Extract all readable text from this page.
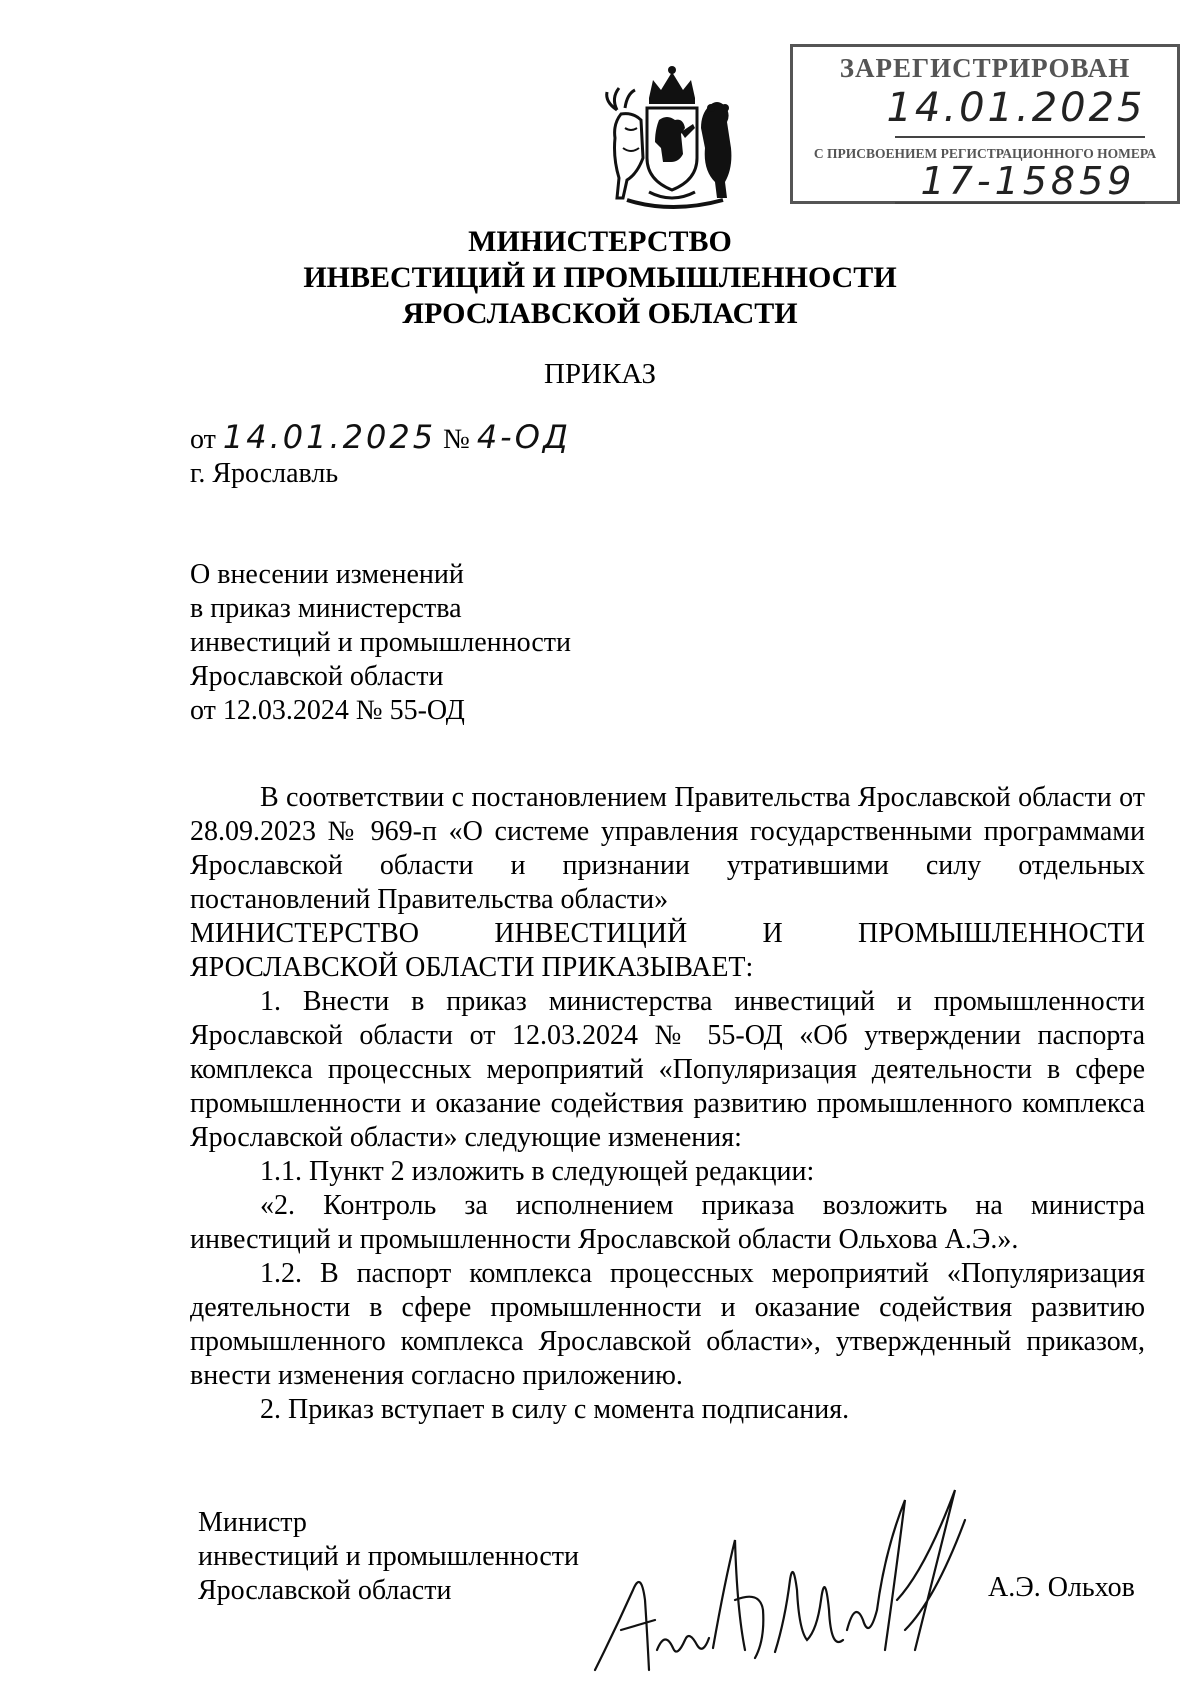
ЗАРЕГИСТРИРОВАН
14.01.2025
С ПРИСВОЕНИЕМ РЕГИСТРАЦИОННОГО НОМЕРА
17-15859
МИНИСТЕРСТВО
ИНВЕСТИЦИЙ И ПРОМЫШЛЕННОСТИ
ЯРОСЛАВСКОЙ ОБЛАСТИ
ПРИКАЗ
от 14.01.2025 № 4-ОД
г. Ярославль
О внесении изменений
в приказ министерства
инвестиций и промышленности
Ярославской области
от 12.03.2024 № 55-ОД

В соответствии с постановлением Правительства Ярославской области от 28.09.2023 № 969-п «О системе управления государственными программами Ярославской области и признании утратившими силу отдельных постановлений Правительства области»

МИНИСТЕРСТВО ИНВЕСТИЦИЙ И ПРОМЫШЛЕННОСТИ

ЯРОСЛАВСКОЙ ОБЛАСТИ ПРИКАЗЫВАЕТ:

1. Внести в приказ министерства инвестиций и промышленности Ярославской области от 12.03.2024 № 55-ОД «Об утверждении паспорта комплекса процессных мероприятий «Популяризация деятельности в сфере промышленности и оказание содействия развитию промышленного комплекса Ярославской области» следующие изменения:

1.1. Пункт 2 изложить в следующей редакции:

«2. Контроль за исполнением приказа возложить на министра инвестиций и промышленности Ярославской области Ольхова А.Э.».

1.2. В паспорт комплекса процессных мероприятий «Популяризация деятельности в сфере промышленности и оказание содействия развитию промышленного комплекса Ярославской области», утвержденный приказом, внести изменения согласно приложению.

2. Приказ вступает в силу с момента подписания.

Министр
инвестиций и промышленности
Ярославской области	А.Э. Ольхов
